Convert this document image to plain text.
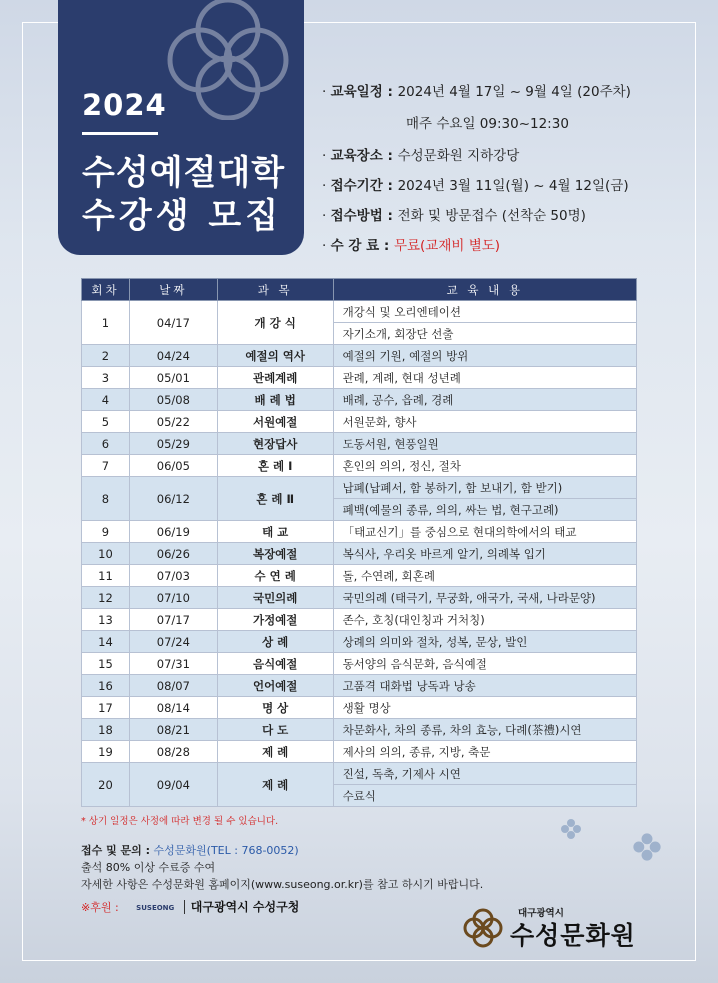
2024
수성예절대학
수강생 모집
· 교육일정 : 2024년 4월 17일 ~ 9월 4일 (20주차)
매주 수요일 09:30~12:30
· 교육장소 : 수성문화원 지하강당
· 접수기간 : 2024년 3월 11일(월) ~ 4월 12일(금)
· 접수방법 : 전화 및 방문접수 (선착순 50명)
· 수 강 료 : 무료(교재비 별도)
회차	날짜	과 목	교 육 내 용
1	04/17	개 강 식	개강식 및 오리엔테이션
			자기소개, 회장단 선출
2	04/24	예절의 역사	예절의 기원, 예절의 방위
3	05/01	관례계례	관례, 계례, 현대 성년례
4	05/08	배 례 법	배례, 공수, 읍례, 경례
5	05/22	서원예절	서원문화, 향사
6	05/29	현장답사	도동서원, 현풍일원
7	06/05	혼 례 Ⅰ	혼인의 의의, 정신, 절차
8	06/12	혼 례 Ⅱ	납폐(납폐서, 함 봉하기, 함 보내기, 함 받기)
			폐백(예물의 종류, 의의, 싸는 법, 현구고례)
9	06/19	태 교	「태교신기」를 중심으로 현대의학에서의 태교
10	06/26	복장예절	복식사, 우리옷 바르게 알기, 의례복 입기
11	07/03	수 연 례	돌, 수연례, 회혼례
12	07/10	국민의례	국민의례 (태극기, 무궁화, 애국가, 국새, 나라문양)
13	07/17	가정예절	존수, 호칭(대인칭과 거처칭)
14	07/24	상 례	상례의 의미와 절차, 성복, 문상, 발인
15	07/31	음식예절	동서양의 음식문화, 음식예절
16	08/07	언어예절	고품격 대화법 낭독과 낭송
17	08/14	명 상	생활 명상
18	08/21	다 도	차문화사, 차의 종류, 차의 효능, 다례(茶禮)시연
19	08/28	제 례	제사의 의의, 종류, 지방, 축문
20	09/04	제 례	진설, 독축, 기제사 시연
			수료식
* 상기 일정은 사정에 따라 변경 될 수 있습니다.
접수 및 문의 : 수성문화원(TEL : 768-0052)
출석 80% 이상 수료증 수여
자세한 사항은 수성문화원 홈페이지(www.suseong.or.kr)를 참고 하시기 바랍니다.
※후원 :	SUSEONG 대구광역시 수성구청	대구광역시
수성문화원
